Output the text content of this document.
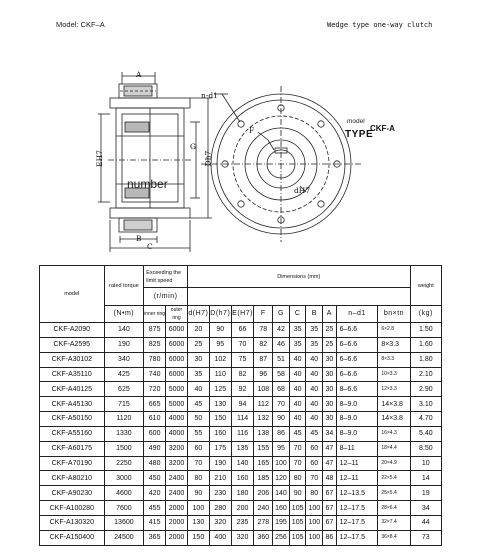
Model: CKF–A	Wedge type one-way clutch
A
B
C
EH7
G
Dh7
number
n-d1
F
dH7
model
TYPE
CKF-A
model	rated torque	Exceeding the limit speed		Dimensions (mm)										weight
		(r/min)												
	(N•m)	inner ring	outer ring	d(H7)	D(h7)	E(H7)	F	G	C	B	A	n–d1	bn×tn	(kg)
CKF-A2090	140	875	6000	20	90	66	78	42	35	35	25	6–6.6	6×2.8	1.50
CKF-A2595	190	825	6000	25	95	70	82	46	35	35	25	6–6.6	8×3.3	1.60
CKF-A30102	340	780	6000	30	102	75	87	51	40	40	30	6–6.6	8×3.3	1.80
CKF-A35110	425	740	6000	35	110	82	96	58	40	40	30	6–6.6	10×3.3	2.10
CKF-A40125	625	720	5000	40	125	92	108	68	40	40	30	8–6.6	12×3.3	2.90
CKF-A45130	715	665	5000	45	130	94	112	70	40	40	30	8–9.0	14×3.8	3.10
CKF-A50150	1120	610	4000	50	150	114	132	90	40	40	30	8–9.0	14×3.8	4.70
CKF-A55160	1330	600	4000	55	160	116	138	86	45	45	34	8–9.0	16×4.3	5.40
CKF-A60175	1500	490	3200	60	175	135	155	95	70	60	47	8–11	18×4.4	8.50
CKF-A70190	2250	480	3200	70	190	140	165	100	70	60	47	12–11	20×4.9	10
CKF-A80210	3000	450	2400	80	210	160	185	120	80	70	48	12–11	22×5.4	14
CKF-A90230	4600	420	2400	90	230	180	206	140	90	80	67	12–13.5	25×5.4	19
CKF-A100280	7600	455	2000	100	280	200	240	160	105	100	67	12–17.5	28×6.4	34
CKF-A130320	13600	415	2000	130	320	235	278	195	105	100	67	12–17.5	32×7.4	44
CKF-A150400	24500	365	2000	150	400	320	360	256	105	100	86	12–17.5	36×8.4	73
